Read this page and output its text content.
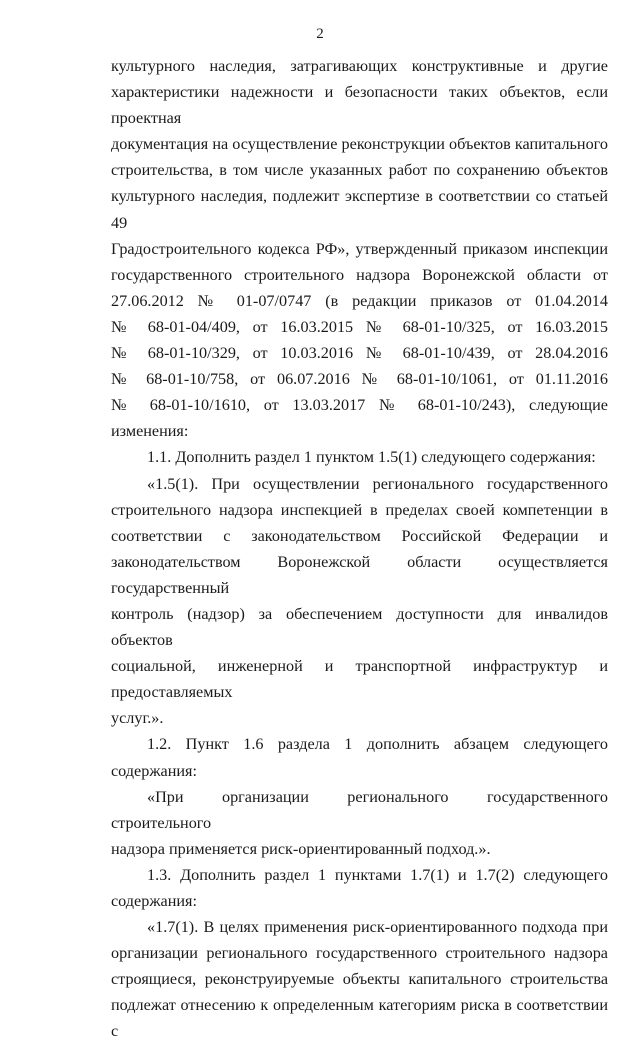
2

культурного наследия, затрагивающих конструктивные и другие

характеристики надежности и безопасности таких объектов, если проектная

документация на осуществление реконструкции объектов капитального

строительства, в том числе указанных работ по сохранению объектов

культурного наследия, подлежит экспертизе в соответствии со статьей 49

Градостроительного кодекса РФ», утвержденный приказом инспекции

государственного строительного надзора Воронежской области от

27.06.2012 № 01-07/0747 (в редакции приказов от 01.04.2014

№ 68-01-04/409, от 16.03.2015 № 68-01-10/325, от 16.03.2015

№ 68-01-10/329, от 10.03.2016 № 68-01-10/439, от 28.04.2016

№ 68-01-10/758, от 06.07.2016 № 68-01-10/1061, от 01.11.2016

№ 68-01-10/1610, от 13.03.2017 № 68-01-10/243), следующие изменения:

1.1. Дополнить раздел 1 пунктом 1.5(1) следующего содержания:

«1.5(1). При осуществлении регионального государственного

строительного надзора инспекцией в пределах своей компетенции в

соответствии с законодательством Российской Федерации и

законодательством Воронежской области осуществляется государственный

контроль (надзор) за обеспечением доступности для инвалидов объектов

социальной, инженерной и транспортной инфраструктур и предоставляемых

услуг.».

1.2. Пункт 1.6 раздела 1 дополнить абзацем следующего содержания:

«При организации регионального государственного строительного

надзора применяется риск-ориентированный подход.».

1.3. Дополнить раздел 1 пунктами 1.7(1) и 1.7(2) следующего

содержания:

«1.7(1). В целях применения риск-ориентированного подхода при

организации регионального государственного строительного надзора

строящиеся, реконструируемые объекты капитального строительства

подлежат отнесению к определенным категориям риска в соответствии с
